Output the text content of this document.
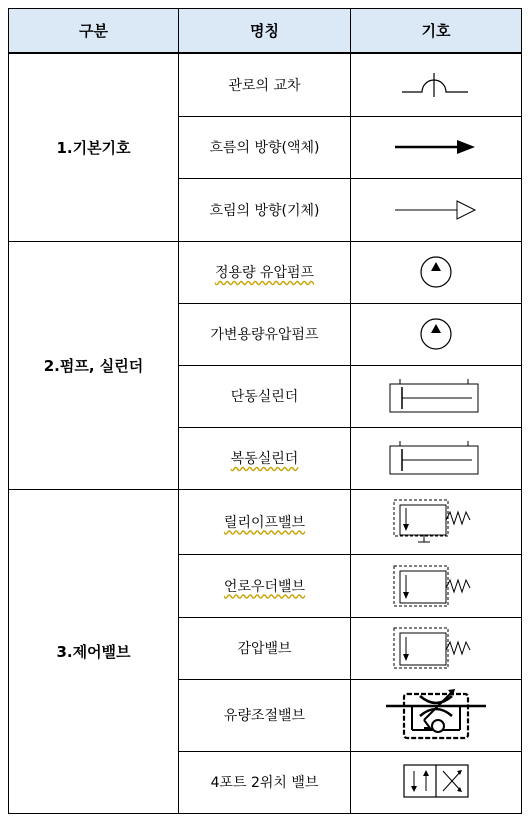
구분	명칭	기호
1.기본기호	관로의 교차	
	흐름의 방향(액체)	
	흐림의 방향(기체)	
2.펌프, 실린더	정용량 유압펌프	
	가변용량유압펌프	
	단동실린더	
	복동실린더	
3.제어밸브	릴리이프밸브	
	언로우더밸브	
	감압밸브	
	유량조절밸브	
	4포트 2위치 밸브	
